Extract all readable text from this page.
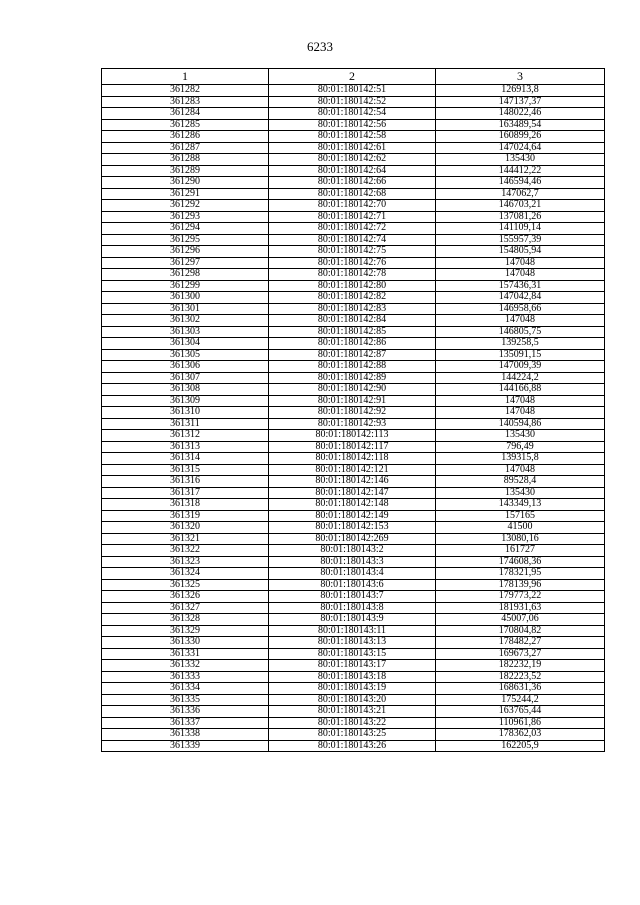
6233
1	2	3
361282	80:01:180142:51	126913,8
361283	80:01:180142:52	147137,37
361284	80:01:180142:54	148022,46
361285	80:01:180142:56	163489,54
361286	80:01:180142:58	160899,26
361287	80:01:180142:61	147024,64
361288	80:01:180142:62	135430
361289	80:01:180142:64	144412,22
361290	80:01:180142:66	146594,46
361291	80:01:180142:68	147062,7
361292	80:01:180142:70	146703,21
361293	80:01:180142:71	137081,26
361294	80:01:180142:72	141109,14
361295	80:01:180142:74	155957,39
361296	80:01:180142:75	154805,94
361297	80:01:180142:76	147048
361298	80:01:180142:78	147048
361299	80:01:180142:80	157436,31
361300	80:01:180142:82	147042,84
361301	80:01:180142:83	146958,66
361302	80:01:180142:84	147048
361303	80:01:180142:85	146805,75
361304	80:01:180142:86	139258,5
361305	80:01:180142:87	135091,15
361306	80:01:180142:88	147009,39
361307	80:01:180142:89	144224,2
361308	80:01:180142:90	144166,88
361309	80:01:180142:91	147048
361310	80:01:180142:92	147048
361311	80:01:180142:93	140594,86
361312	80:01:180142:113	135430
361313	80:01:180142:117	796,49
361314	80:01:180142:118	139315,8
361315	80:01:180142:121	147048
361316	80:01:180142:146	89528,4
361317	80:01:180142:147	135430
361318	80:01:180142:148	143349,13
361319	80:01:180142:149	157165
361320	80:01:180142:153	41500
361321	80:01:180142:269	13080,16
361322	80:01:180143:2	161727
361323	80:01:180143:3	174608,36
361324	80:01:180143:4	178321,95
361325	80:01:180143:6	178139,96
361326	80:01:180143:7	179773,22
361327	80:01:180143:8	181931,63
361328	80:01:180143:9	45007,06
361329	80:01:180143:11	170804,82
361330	80:01:180143:13	178482,27
361331	80:01:180143:15	169673,27
361332	80:01:180143:17	182232,19
361333	80:01:180143:18	182223,52
361334	80:01:180143:19	168631,36
361335	80:01:180143:20	175244,2
361336	80:01:180143:21	163765,44
361337	80:01:180143:22	110961,86
361338	80:01:180143:25	178362,03
361339	80:01:180143:26	162205,9
